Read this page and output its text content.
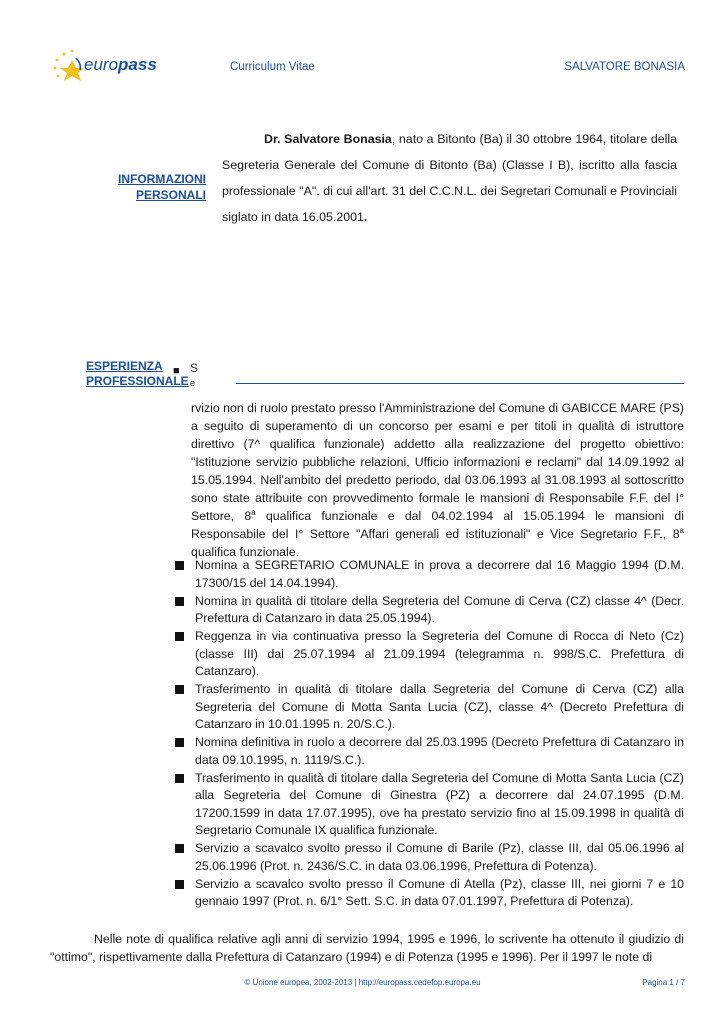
europass	Curriculum Vitae	SALVATORE BONASIA
INFORMAZIONI
PERSONALI
Dr. Salvatore Bonasia, nato a Bitonto (Ba) il 30 ottobre 1964, titolare della Segreteria Generale del Comune di Bitonto (Ba) (Classe I B), iscritto alla fascia professionale "A". di cui all'art. 31 del C.C.N.L. dei Segretari Comunali e Provinciali siglato in data 16.05.2001.
ESPERIENZA
PROFESSIONALE
■ S
e
rvizio non di ruolo prestato presso l'Amministrazione del Comune di GABICCE MARE (PS) a seguito di superamento di un concorso per esami e per titoli in qualità di istruttore direttivo (7^ qualifica funzionale) addetto alla realizzazione del progetto obiettivo: "Istituzione servizio pubbliche relazioni, Ufficio informazioni e reclami" dal 14.09.1992 al 15.05.1994. Nell'ambito del predetto periodo, dal 03.06.1993 al 31.08.1993 al sottoscritto sono state attribuite con provvedimento formale le mansioni di Responsabile F.F. del I° Settore, 8$^a$ qualifica funzionale e dal 04.02.1994 al 15.05.1994 le mansioni di Responsabile del I° Settore "Affari generali ed istituzionali" e Vice Segretario F.F., 8$^a$ qualifica funzionale.
Nomina a SEGRETARIO COMUNALE in prova a decorrere dal 16 Maggio 1994 (D.M. 17300/15 del 14.04.1994).
Nomina in qualità di titolare della Segreteria del Comune di Cerva (CZ) classe 4^ (Decr. Prefettura di Catanzaro in data 25.05.1994).
Reggenza in via continuativa presso la Segreteria del Comune di Rocca di Neto (Cz) (classe III) dal 25.07.1994 al 21.09.1994 (telegramma n. 998/S.C. Prefettura di Catanzaro).
Trasferimento in qualità di titolare dalla Segreteria del Comune di Cerva (CZ) alla Segreteria del Comune di Motta Santa Lucia (CZ), classe 4^ (Decreto Prefettura di Catanzaro in 10.01.1995 n. 20/S.C.).
Nomina definitiva in ruolo a decorrere dal 25.03.1995 (Decreto Prefettura di Catanzaro in data 09.10.1995, n. 1119/S.C.).
Trasferimento in qualità di titolare dalla Segreteria del Comune di Motta Santa Lucia (CZ) alla Segreteria del Comune di Ginestra (PZ) a decorrere dal 24.07.1995 (D.M. 17200.1599 in data 17.07.1995), ove ha prestato servizio fino al 15.09.1998 in qualità di Segretario Comunale IX qualifica funzionale.
Servizio a scavalco svolto presso il Comune di Barile (Pz), classe III, dal 05.06.1996 al 25.06.1996 (Prot. n. 2436/S.C. in data 03.06.1996, Prefettura di Potenza).
Servizio a scavalco svolto presso il Comune di Atella (Pz), classe III, nei giorni 7 e 10 gennaio 1997 (Prot. n. 6/1° Sett. S.C. in data 07.01.1997, Prefettura di Potenza).
Nelle note di qualifica relative agli anni di servizio 1994, 1995 e 1996, lo scrivente ha ottenuto il giudizio di "ottimo", rispettivamente dalla Prefettura di Catanzaro (1994) e di Potenza (1995 e 1996). Per il 1997 le note di
© Unione europea, 2002-2013 | http://europass.cedefop.europa.eu	Pagina 1 / 7
